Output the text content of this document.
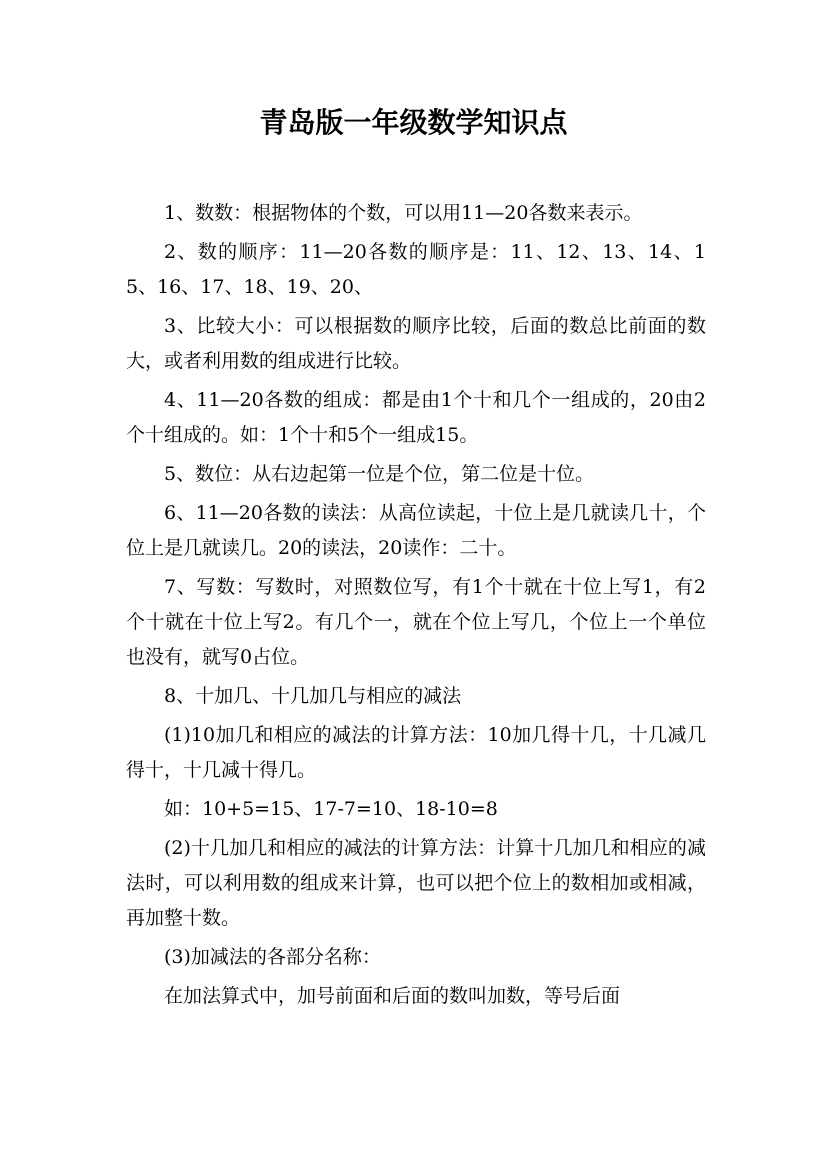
青岛版一年级数学知识点

1、数数：根据物体的个数，可以用11—20各数来表示。

2、数的顺序：11—20各数的顺序是：11、12、13、14、15、16、17、18、19、20、

3、比较大小：可以根据数的顺序比较，后面的数总比前面的数大，或者利用数的组成进行比较。

4、11—20各数的组成：都是由1个十和几个一组成的，20由2个十组成的。如：1个十和5个一组成15。

5、数位：从右边起第一位是个位，第二位是十位。

6、11—20各数的读法：从高位读起，十位上是几就读几十，个位上是几就读几。20的读法，20读作：二十。

7、写数：写数时，对照数位写，有1个十就在十位上写1，有2个十就在十位上写2。有几个一，就在个位上写几，个位上一个单位也没有，就写0占位。

8、十加几、十几加几与相应的减法

(1)10加几和相应的减法的计算方法：10加几得十几，十几减几得十，十几减十得几。

如：10+5=15、17-7=10、18-10=8

(2)十几加几和相应的减法的计算方法：计算十几加几和相应的减法时，可以利用数的组成来计算，也可以把个位上的数相加或相减，再加整十数。

(3)加减法的各部分名称：

在加法算式中，加号前面和后面的数叫加数，等号后面
